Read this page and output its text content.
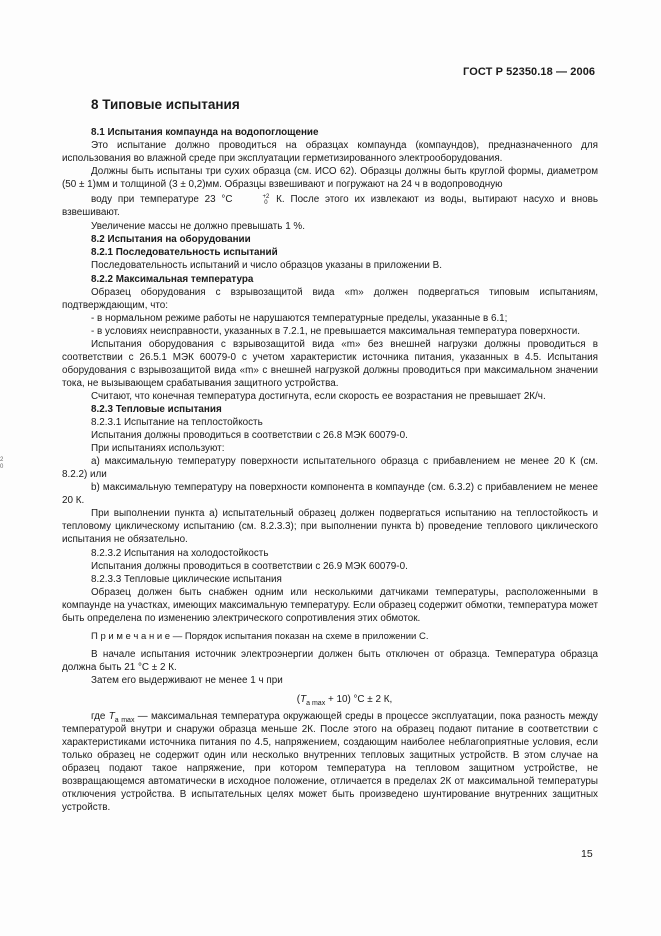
ГОСТ Р 52350.18 — 2006
8 Типовые испытания
2
0

8.1 Испытания компаунда на водопоглощение

Это испытание должно проводиться на образцах компаунда (компаундов), предназначенного для использования во влажной среде при эксплуатации герметизированного электрооборудования.

Должны быть испытаны три сухих образца (см. ИСО 62). Образцы должны быть круглой формы, диаметром (50 ± 1)мм и толщиной (3 ± 0,2)мм. Образцы взвешивают и погружают на 24 ч в водопроводную

воду при температуре 23 °С	+2
0 К. После этого их извлекают из воды, вытирают насухо и вновь взвешивают.

Увеличение массы не должно превышать 1 %.

8.2 Испытания на оборудовании

8.2.1 Последовательность испытаний

Последовательность испытаний и число образцов указаны в приложении В.

8.2.2 Максимальная температура

Образец оборудования с взрывозащитой вида «m» должен подвергаться типовым испытаниям, подтверждающим, что:

- в нормальном режиме работы не нарушаются температурные пределы, указанные в 6.1;

- в условиях неисправности, указанных в 7.2.1, не превышается максимальная температура поверхности.

Испытания оборудования с взрывозащитой вида «m» без внешней нагрузки должны проводиться в соответствии с 26.5.1 МЭК 60079-0 с учетом характеристик источника питания, указанных в 4.5. Испытания оборудования с взрывозащитой вида «m» с внешней нагрузкой должны проводиться при максимальном значении тока, не вызывающем срабатывания защитного устройства.

Считают, что конечная температура достигнута, если скорость ее возрастания не превышает 2К/ч.

8.2.3 Тепловые испытания

8.2.3.1 Испытание на теплостойкость

Испытания должны проводиться в соответствии с 26.8 МЭК 60079-0.

При испытаниях используют:

а) максимальную температуру поверхности испытательного образца с прибавлением не менее 20 К (см. 8.2.2) или

b) максимальную температуру на поверхности компонента в компаунде (см. 6.3.2) с прибавлением не менее 20 К.

При выполнении пункта а) испытательный образец должен подвергаться испытанию на теплостойкость и тепловому циклическому испытанию (см. 8.2.3.3); при выполнении пункта b) проведение теплового циклического испытания не обязательно.

8.2.3.2 Испытания на холодостойкость

Испытания должны проводиться в соответствии с 26.9 МЭК 60079-0.

8.2.3.3 Тепловые циклические испытания

Образец должен быть снабжен одним или несколькими датчиками температуры, расположенными в компаунде на участках, имеющих максимальную температуру. Если образец содержит обмотки, температура может быть определена по изменению электрического сопротивления этих обмоток.

П р и м е ч а н и е — Порядок испытания показан на схеме в приложении С.

В начале испытания источник электроэнергии должен быть отключен от образца. Температура образца должна быть 21 °С ± 2 К.

Затем его выдерживают не менее 1 ч при

$(T_{a max} + 10) ^\circ С \pm 2$ К,

где $T_{a max}$ — максимальная температура окружающей среды в процессе эксплуатации, пока разность между температурой внутри и снаружи образца меньше 2К. После этого на образец подают питание в соответствии с характеристиками источника питания по 4.5, напряжением, создающим наиболее неблагоприятные условия, если только образец не содержит один или несколько внутренних тепловых защитных устройств. В этом случае на образец подают такое напряжение, при котором температура на тепловом защитном устройстве, не возвращающемся автоматически в исходное положение, отличается в пределах 2К от максимальной температуры отключения устройства. В испытательных целях может быть произведено шунтирование внутренних защитных устройств.

15
